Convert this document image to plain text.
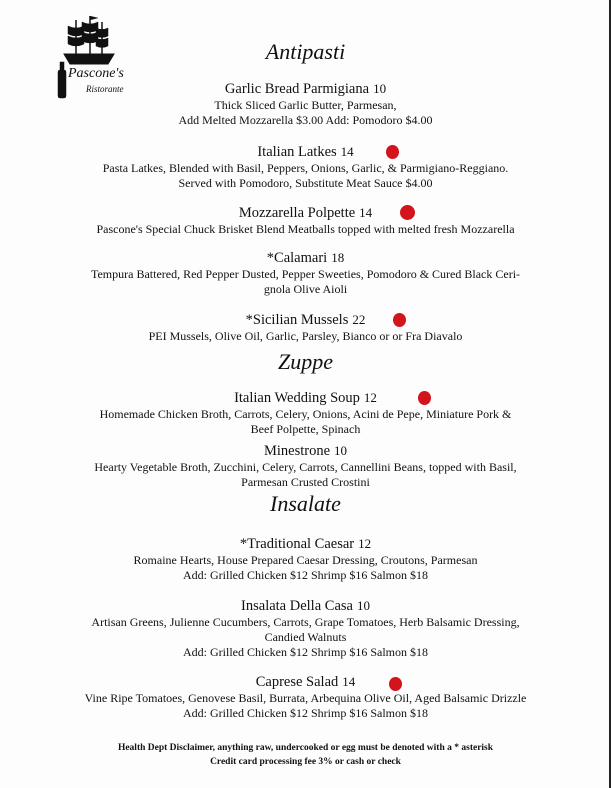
Pascone's
Ristorante
Antipasti
Garlic Bread Parmigiana 10
Thick Sliced Garlic Butter, Parmesan,
Add Melted Mozzarella $3.00 Add: Pomodoro $4.00
Italian Latkes 14
Pasta Latkes, Blended with Basil, Peppers, Onions, Garlic, & Parmigiano-Reggiano.
Served with Pomodoro, Substitute Meat Sauce $4.00
Mozzarella Polpette 14
Pascone's Special Chuck Brisket Blend Meatballs topped with melted fresh Mozzarella
*Calamari 18
Tempura Battered, Red Pepper Dusted, Pepper Sweeties, Pomodoro & Cured Black Ceri-
gnola Olive Aioli
*Sicilian Mussels 22
PEI Mussels, Olive Oil, Garlic, Parsley, Bianco or or Fra Diavalo
Zuppe
Italian Wedding Soup 12
Homemade Chicken Broth, Carrots, Celery, Onions, Acini de Pepe, Miniature Pork &
Beef Polpette, Spinach
Minestrone 10
Hearty Vegetable Broth, Zucchini, Celery, Carrots, Cannellini Beans, topped with Basil,
Parmesan Crusted Crostini
Insalate
*Traditional Caesar 12
Romaine Hearts, House Prepared Caesar Dressing, Croutons, Parmesan
Add: Grilled Chicken $12 Shrimp $16 Salmon $18
Insalata Della Casa 10
Artisan Greens, Julienne Cucumbers, Carrots, Grape Tomatoes, Herb Balsamic Dressing,
Candied Walnuts
Add: Grilled Chicken $12 Shrimp $16 Salmon $18
Caprese Salad 14
Vine Ripe Tomatoes, Genovese Basil, Burrata, Arbequina Olive Oil, Aged Balsamic Drizzle
Add: Grilled Chicken $12 Shrimp $16 Salmon $18
Health Dept Disclaimer, anything raw, undercooked or egg must be denoted with a * asterisk
Credit card processing fee 3% or cash or check
